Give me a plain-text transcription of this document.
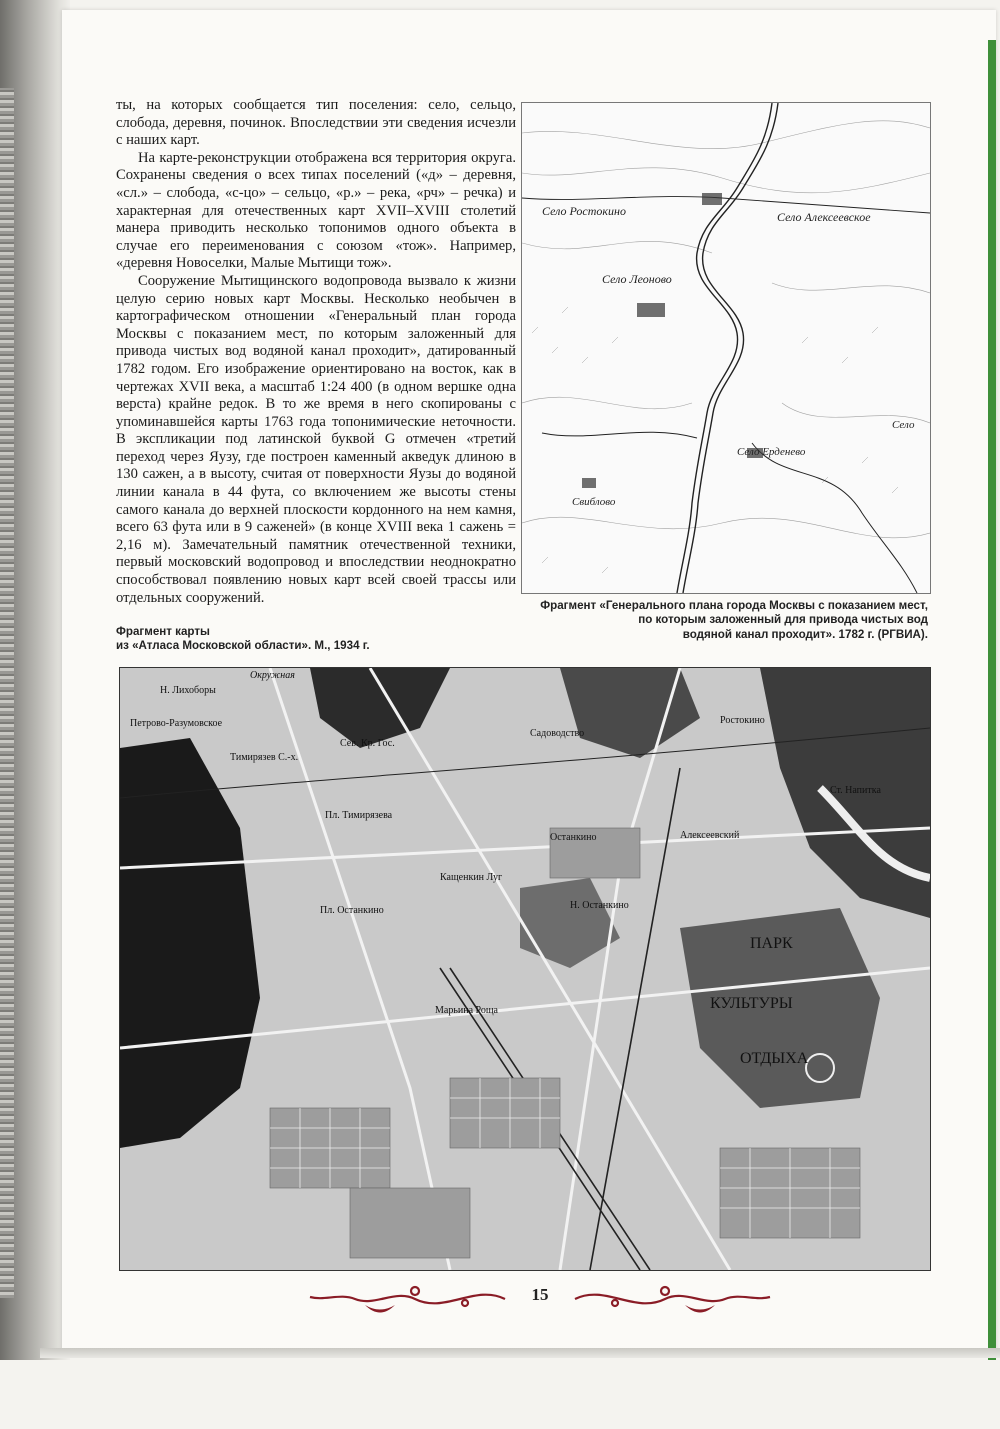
ты, на которых сообщается тип поселения: село, сельцо, слобода, деревня, починок. Впоследствии эти сведения исчезли с наших карт.

На карте-реконструкции отображена вся территория округа. Сохранены сведения о всех типах поселений («д» – деревня, «сл.» – слобода, «с-цо» – сельцо, «р.» – река, «рч» – речка) и характерная для отечественных карт XVII–XVIII столетий манера приводить несколько топонимов одного объекта в случае его переименования с союзом «тож». Например, «деревня Новоселки, Малые Мытищи тож».

Сооружение Мытищинского водопровода вызвало к жизни целую серию новых карт Москвы. Несколько необычен в картографическом отношении «Генеральный план города Москвы с показанием мест, по которым заложенный для привода чистых вод водяной канал проходит», датированный 1782 годом. Его изображение ориентировано на восток, как в чертежах XVII века, а масштаб 1:24 400 (в одном вершке одна верста) крайне редок. В то же время в него скопированы с упоминавшейся карты 1763 года топонимические неточности. В экспликации под латинской буквой G отмечен «третий переход через Яузу, где построен каменный акведук длиною в 130 сажен, а в высоту, считая от поверхности Яузы до водяной линии канала в 44 фута, со включением же высоты стены самого канала до верхней плоскости кордонного на нем камня, всего 63 фута или в 9 саженей» (в конце XVIII века 1 сажень = 2,16 м). Замечательный памятник отечественной техники, первый московский водопровод и впоследствии неоднократно способствовал появлению новых карт всей своей трассы или отдельных сооружений.

Село Ростокино	Село Алексеевское
Село Леоново
Село Ерденево
Свиблово
Село
Фрагмент «Генерального плана города Москвы с показанием мест,
по которым заложенный для привода чистых вод
водяной канал проходит». 1782 г. (РГВИА).
Фрагмент карты
из «Атласа Московской области». М., 1934 г.
Н. Лихоборы
Петрово-Разумовское
Тимирязев С.-х.
Пл. Тимирязева
Останкино	Алексеевский
Кащенкин Луг
Марьина Роща
Пл. Останкино	Н. Останкино
ПАРК
КУЛЬТУРЫ
ОТДЫХА
Ростокино
Садоводство
Сев. Кр. Гос.
Ст. Напитка
Окружная
15
